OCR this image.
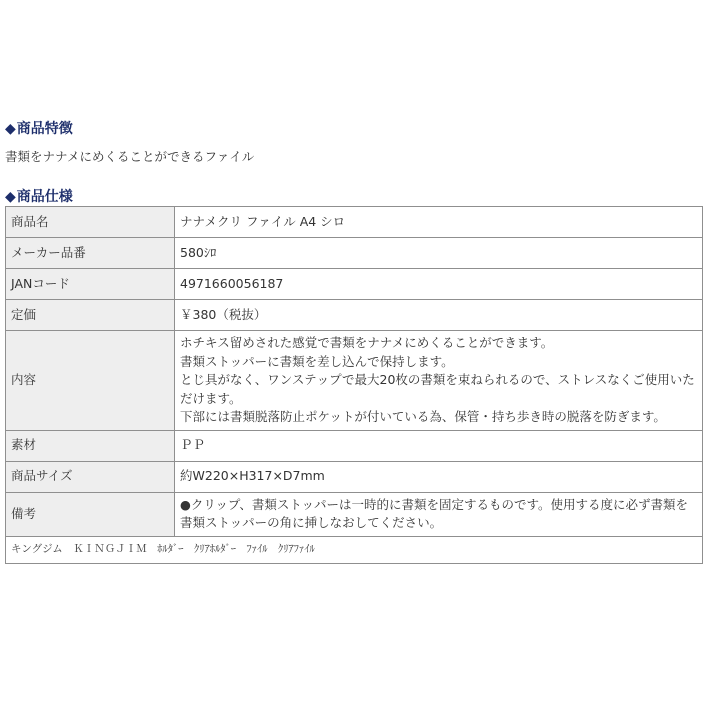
◆商品特徴
書類をナナメにめくることができるファイル
◆商品仕様
商品名	ナナメクリ ファイル A4 シロ
メーカー品番	580ｼﾛ
JANコード	4971660056187
定価	￥380（税抜）
内容	ホチキス留めされた感覚で書類をナナメにめくることができます。
書類ストッパーに書類を差し込んで保持します。
とじ具がなく、ワンステップで最大20枚の書類を束ねられるので、ストレスなくご使用いただけます。
下部には書類脱落防止ポケットが付いている為、保管・持ち歩き時の脱落を防ぎます。

素材	ＰＰ
商品サイズ	約W220×H317×D7mm
備考	●クリップ、書類ストッパーは一時的に書類を固定するものです。使用する度に必ず書類を書類ストッパーの角に挿しなおしてください。
キングジム　ＫＩＮＧＪＩＭ　ﾎﾙﾀﾞｰ　ｸﾘｱﾎﾙﾀﾞｰ　ﾌｧｲﾙ　ｸﾘｱﾌｧｲﾙ	
